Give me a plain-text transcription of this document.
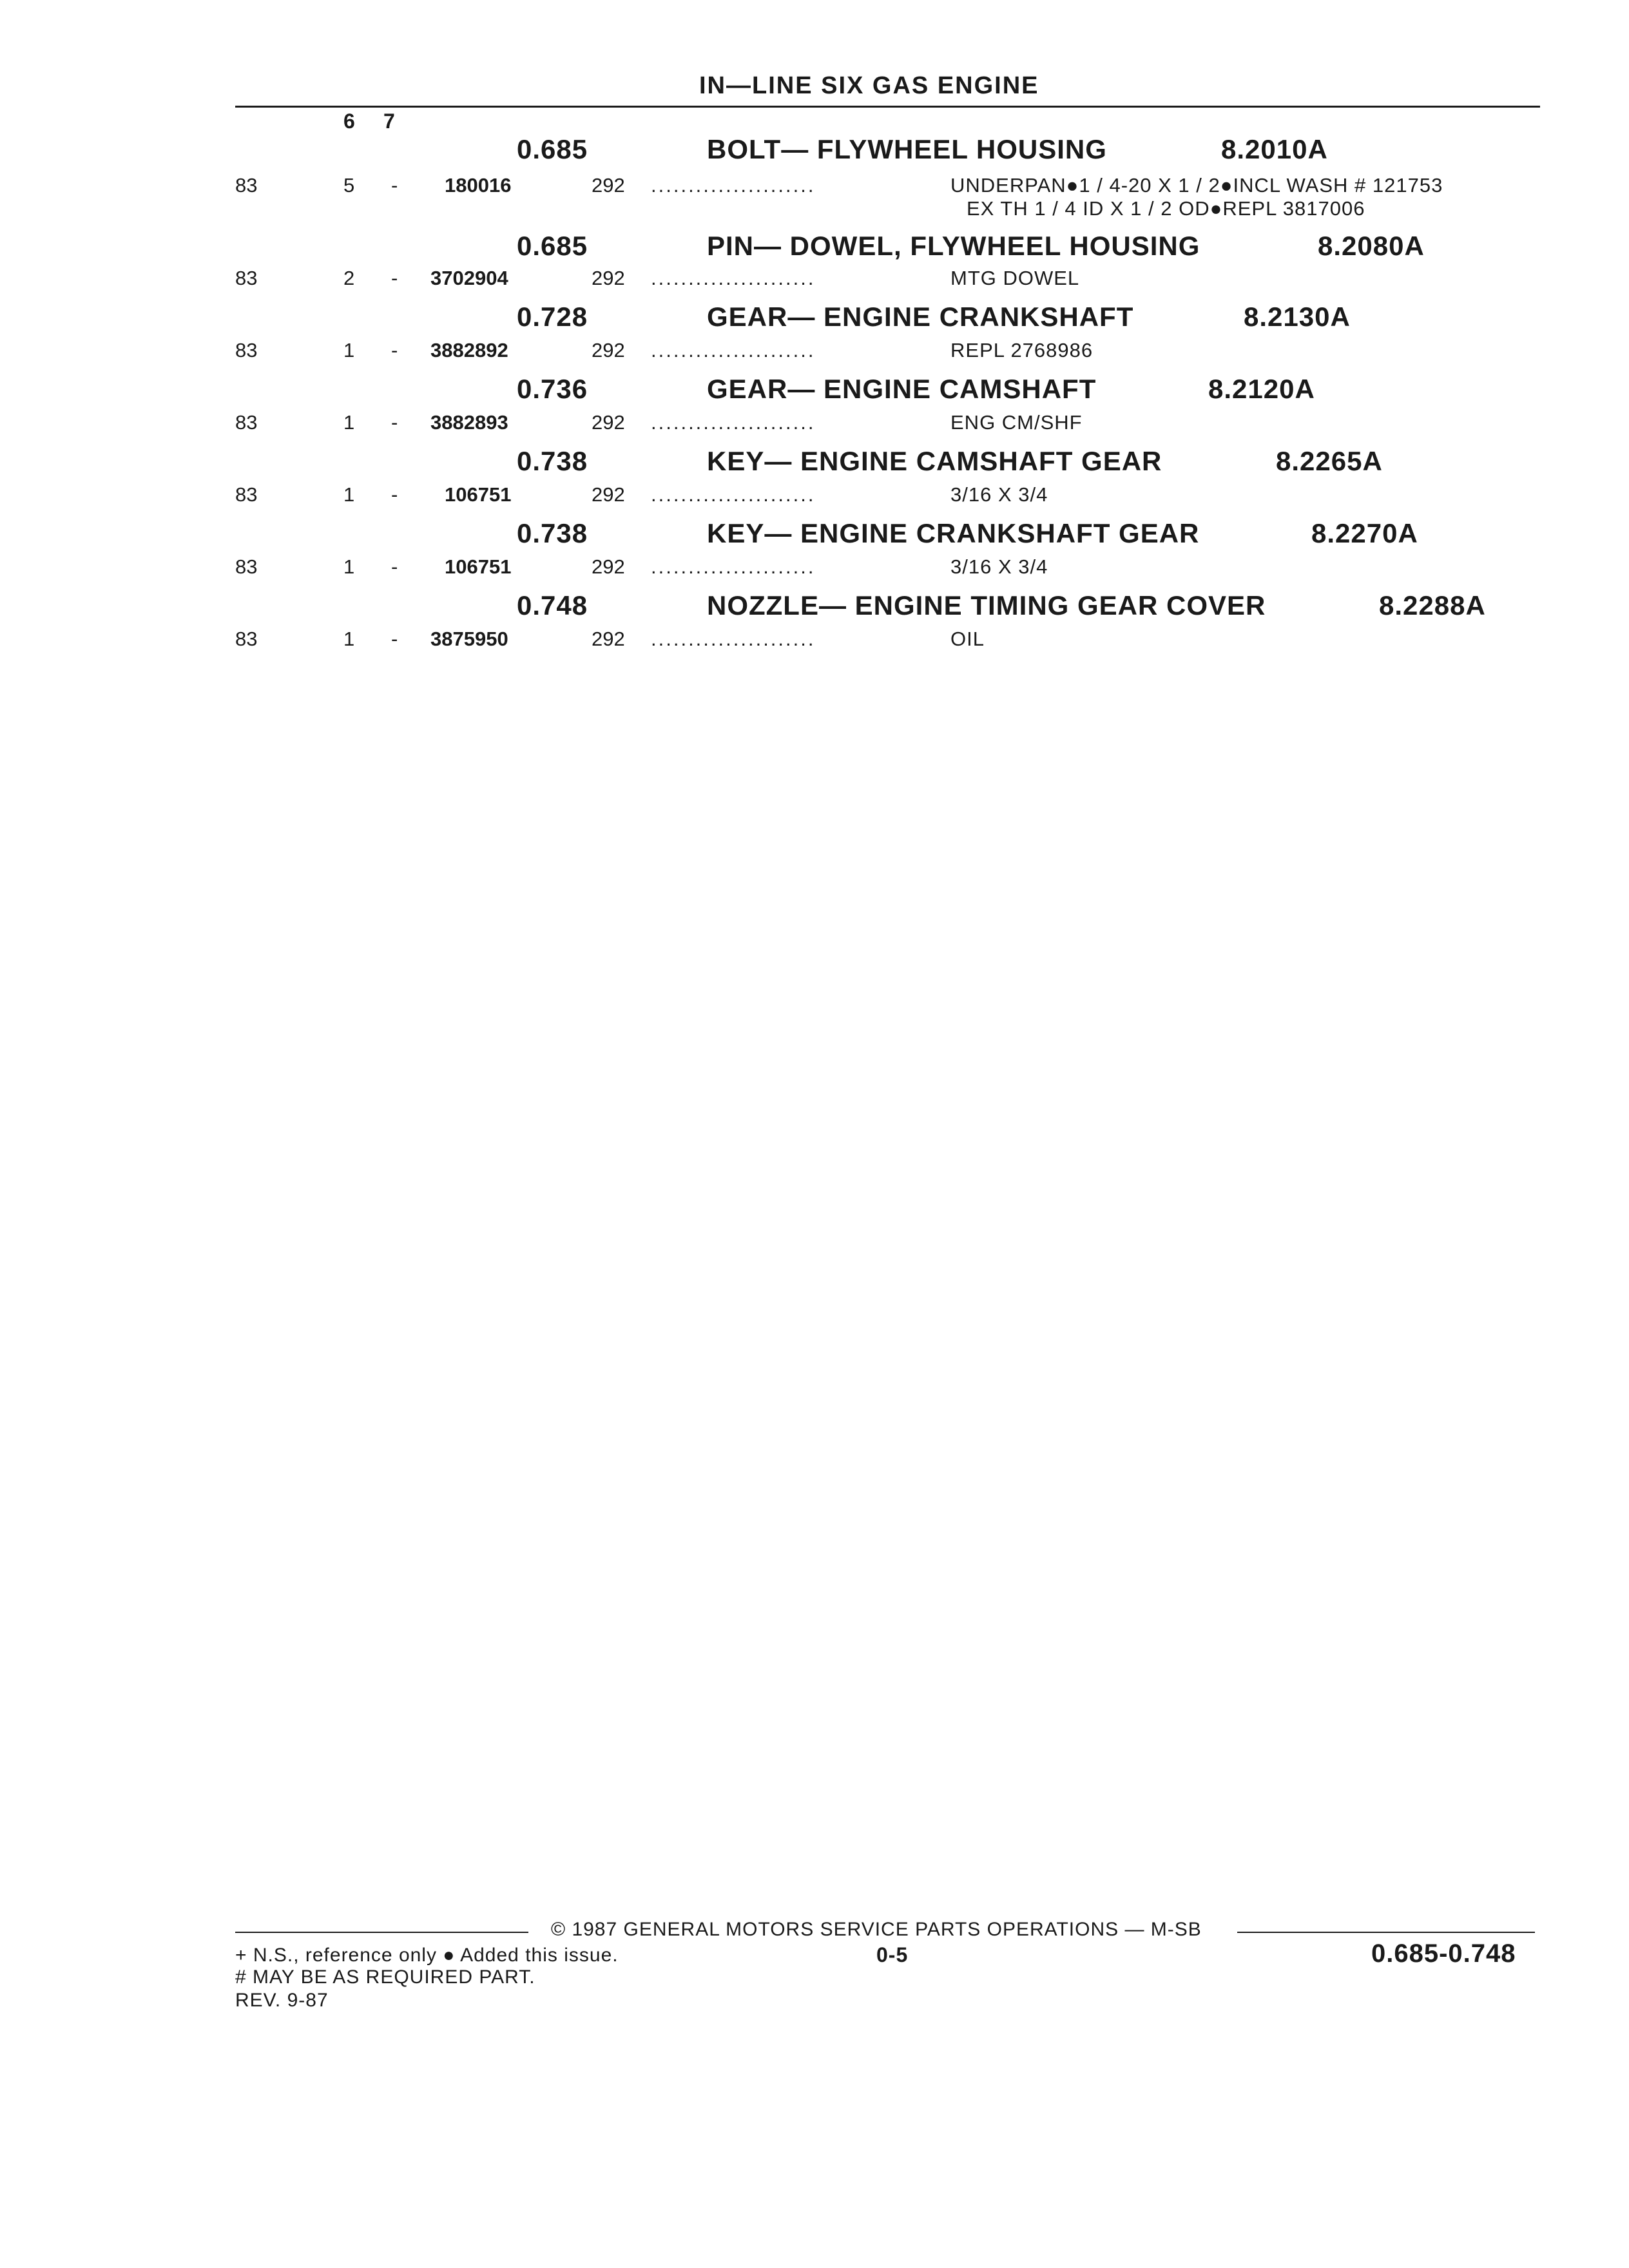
IN—LINE SIX GAS ENGINE
6 7
0.685	BOLT— FLYWHEEL HOUSING	8.2010A
83	5 - 180016	292 ......................	UNDERPAN●1 / 4-20 X 1 / 2●INCL WASH # 121753
EX TH 1 / 4 ID X 1 / 2 OD●REPL 3817006
0.685	PIN— DOWEL, FLYWHEEL HOUSING	8.2080A
83	2 - 3702904	292 ......................	MTG DOWEL
0.728	GEAR— ENGINE CRANKSHAFT	8.2130A
83	1 - 3882892	292 ......................	REPL 2768986
0.736	GEAR— ENGINE CAMSHAFT	8.2120A
83	1 - 3882893	292 ......................	ENG CM/SHF
0.738	KEY— ENGINE CAMSHAFT GEAR	8.2265A
83	1 - 106751	292 ......................	3/16 X 3/4
0.738	KEY— ENGINE CRANKSHAFT GEAR	8.2270A
83	1 - 106751	292 ......................	3/16 X 3/4
0.748	NOZZLE— ENGINE TIMING GEAR COVER	8.2288A
83	1 - 3875950	292 ......................	OIL
© 1987 GENERAL MOTORS SERVICE PARTS OPERATIONS — M-SB
+ N.S., reference only ● Added this issue.	0-5	0.685-0.748
# MAY BE AS REQUIRED PART.
REV. 9-87
